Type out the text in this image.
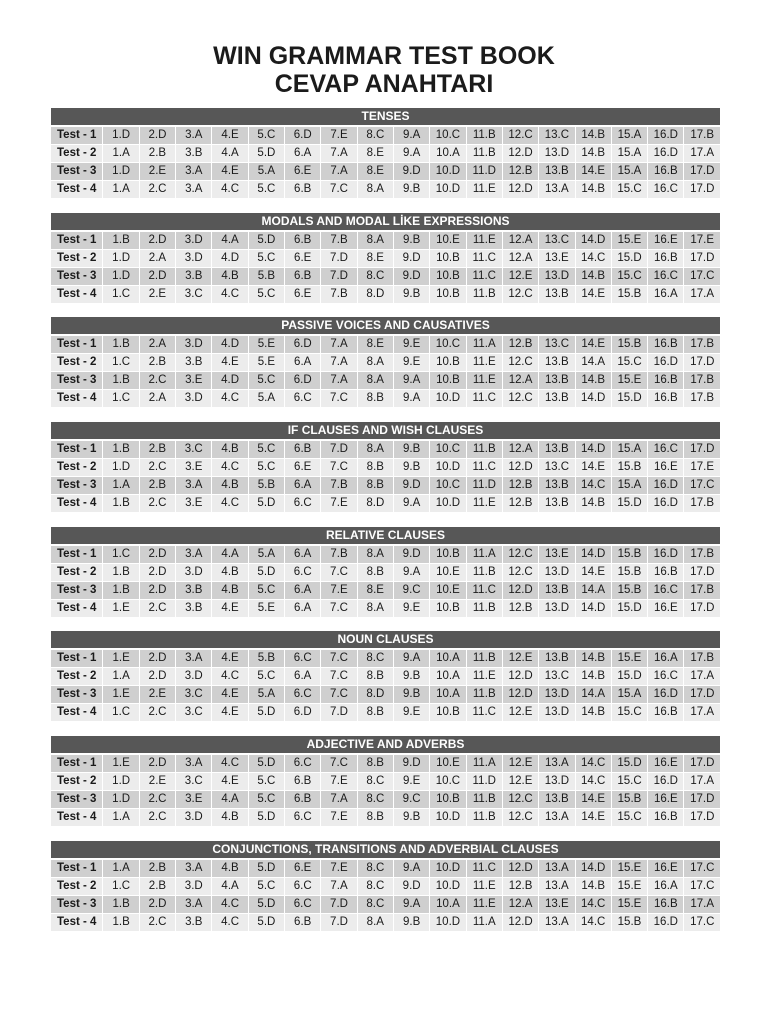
WIN GRAMMAR TEST BOOK
CEVAP ANAHTARI
TENSES
Test - 1	1.D	2.D	3.A	4.E	5.C	6.D	7.E	8.C	9.A	10.C	11.B	12.C	13.C	14.B	15.A	16.D	17.B
Test - 2	1.A	2.B	3.B	4.A	5.D	6.A	7.A	8.E	9.A	10.A	11.B	12.D	13.D	14.B	15.A	16.D	17.A
Test - 3	1.D	2.E	3.A	4.E	5.A	6.E	7.A	8.E	9.D	10.D	11.D	12.B	13.B	14.E	15.A	16.B	17.D
Test - 4	1.A	2.C	3.A	4.C	5.C	6.B	7.C	8.A	9.B	10.D	11.E	12.D	13.A	14.B	15.C	16.C	17.D
MODALS AND MODAL LİKE EXPRESSIONS
Test - 1	1.B	2.D	3.D	4.A	5.D	6.B	7.B	8.A	9.B	10.E	11.E	12.A	13.C	14.D	15.E	16.E	17.E
Test - 2	1.D	2.A	3.D	4.D	5.C	6.E	7.D	8.E	9.D	10.B	11.C	12.A	13.E	14.C	15.D	16.B	17.D
Test - 3	1.D	2.D	3.B	4.B	5.B	6.B	7.D	8.C	9.D	10.B	11.C	12.E	13.D	14.B	15.C	16.C	17.C
Test - 4	1.C	2.E	3.C	4.C	5.C	6.E	7.B	8.D	9.B	10.B	11.B	12.C	13.B	14.E	15.B	16.A	17.A
PASSIVE VOICES AND CAUSATIVES
Test - 1	1.B	2.A	3.D	4.D	5.E	6.D	7.A	8.E	9.E	10.C	11.A	12.B	13.C	14.E	15.B	16.B	17.B
Test - 2	1.C	2.B	3.B	4.E	5.E	6.A	7.A	8.A	9.E	10.B	11.E	12.C	13.B	14.A	15.C	16.D	17.D
Test - 3	1.B	2.C	3.E	4.D	5.C	6.D	7.A	8.A	9.A	10.B	11.E	12.A	13.B	14.B	15.E	16.B	17.B
Test - 4	1.C	2.A	3.D	4.C	5.A	6.C	7.C	8.B	9.A	10.D	11.C	12.C	13.B	14.D	15.D	16.B	17.B
IF CLAUSES AND WISH CLAUSES
Test - 1	1.B	2.B	3.C	4.B	5.C	6.B	7.D	8.A	9.B	10.C	11.B	12.A	13.B	14.D	15.A	16.C	17.D
Test - 2	1.D	2.C	3.E	4.C	5.C	6.E	7.C	8.B	9.B	10.D	11.C	12.D	13.C	14.E	15.B	16.E	17.E
Test - 3	1.A	2.B	3.A	4.B	5.B	6.A	7.B	8.B	9.D	10.C	11.D	12.B	13.B	14.C	15.A	16.D	17.C
Test - 4	1.B	2.C	3.E	4.C	5.D	6.C	7.E	8.D	9.A	10.D	11.E	12.B	13.B	14.B	15.D	16.D	17.B
RELATIVE CLAUSES
Test - 1	1.C	2.D	3.A	4.A	5.A	6.A	7.B	8.A	9.D	10.B	11.A	12.C	13.E	14.D	15.B	16.D	17.B
Test - 2	1.B	2.D	3.D	4.B	5.D	6.C	7.C	8.B	9.A	10.E	11.B	12.C	13.D	14.E	15.B	16.B	17.D
Test - 3	1.B	2.D	3.B	4.B	5.C	6.A	7.E	8.E	9.C	10.E	11.C	12.D	13.B	14.A	15.B	16.C	17.B
Test - 4	1.E	2.C	3.B	4.E	5.E	6.A	7.C	8.A	9.E	10.B	11.B	12.B	13.D	14.D	15.D	16.E	17.D
NOUN CLAUSES
Test - 1	1.E	2.D	3.A	4.E	5.B	6.C	7.C	8.C	9.A	10.A	11.B	12.E	13.B	14.B	15.E	16.A	17.B
Test - 2	1.A	2.D	3.D	4.C	5.C	6.A	7.C	8.B	9.B	10.A	11.E	12.D	13.C	14.B	15.D	16.C	17.A
Test - 3	1.E	2.E	3.C	4.E	5.A	6.C	7.C	8.D	9.B	10.A	11.B	12.D	13.D	14.A	15.A	16.D	17.D
Test - 4	1.C	2.C	3.C	4.E	5.D	6.D	7.D	8.B	9.E	10.B	11.C	12.E	13.D	14.B	15.C	16.B	17.A
ADJECTIVE AND ADVERBS
Test - 1	1.E	2.D	3.A	4.C	5.D	6.C	7.C	8.B	9.D	10.E	11.A	12.E	13.A	14.C	15.D	16.E	17.D
Test - 2	1.D	2.E	3.C	4.E	5.C	6.B	7.E	8.C	9.E	10.C	11.D	12.E	13.D	14.C	15.C	16.D	17.A
Test - 3	1.D	2.C	3.E	4.A	5.C	6.B	7.A	8.C	9.C	10.B	11.B	12.C	13.B	14.E	15.B	16.E	17.D
Test - 4	1.A	2.C	3.D	4.B	5.D	6.C	7.E	8.B	9.B	10.D	11.B	12.C	13.A	14.E	15.C	16.B	17.D
CONJUNCTIONS, TRANSITIONS AND ADVERBIAL CLAUSES
Test - 1	1.A	2.B	3.A	4.B	5.D	6.E	7.E	8.C	9.A	10.D	11.C	12.D	13.A	14.D	15.E	16.E	17.C
Test - 2	1.C	2.B	3.D	4.A	5.C	6.C	7.A	8.C	9.D	10.D	11.E	12.B	13.A	14.B	15.E	16.A	17.C
Test - 3	1.B	2.D	3.A	4.C	5.D	6.C	7.D	8.C	9.A	10.A	11.E	12.A	13.E	14.C	15.E	16.B	17.A
Test - 4	1.B	2.C	3.B	4.C	5.D	6.B	7.D	8.A	9.B	10.D	11.A	12.D	13.A	14.C	15.B	16.D	17.C
